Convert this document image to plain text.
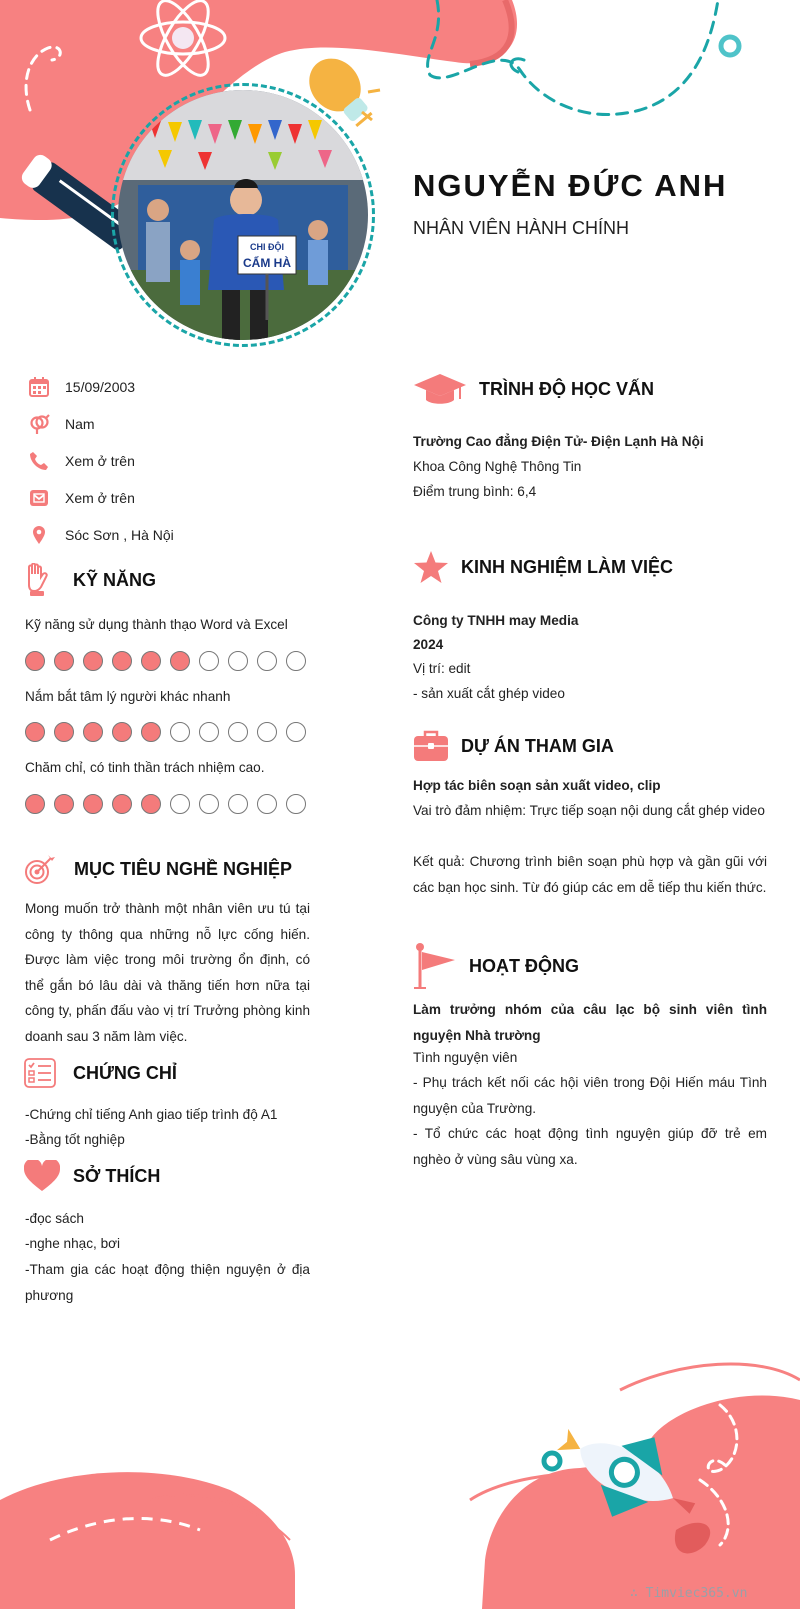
CHI ĐỘI
CẨM HÀ
NGUYỄN ĐỨC ANH
NHÂN VIÊN HÀNH CHÍNH
15/09/2003
Nam
Xem ở trên
Xem ở trên
Sóc Sơn , Hà Nội
KỸ NĂNG
Kỹ năng sử dụng thành thạo Word và Excel
Nắm bắt tâm lý người khác nhanh
Chăm chỉ, có tinh thần trách nhiệm cao.
MỤC TIÊU NGHỀ NGHIỆP
Mong muốn trở thành một nhân viên ưu tú tại công ty thông qua những nỗ lực cống hiến. Được làm việc trong môi trường ổn định, có thể gắn bó lâu dài và thăng tiến hơn nữa tại công ty, phấn đấu vào vị trí Trưởng phòng kinh doanh sau 3 năm làm việc.
CHỨNG CHỈ
-Chứng chỉ tiếng Anh giao tiếp trình độ A1
-Bằng tốt nghiệp
SỞ THÍCH
-đọc sách
-nghe nhạc, bơi
-Tham gia các hoạt động thiện nguyện ở địa phương
TRÌNH ĐỘ HỌC VẤN
Trường Cao đẳng Điện Tử- Điện Lạnh Hà Nội
Khoa Công Nghệ Thông Tin
Điểm trung bình: 6,4
KINH NGHIỆM LÀM VIỆC
Công ty TNHH may Media
2024
Vị trí: edit
- sản xuất cắt ghép video
DỰ ÁN THAM GIA
Hợp tác biên soạn sản xuất video, clip
Vai trò đảm nhiệm: Trực tiếp soạn nội dung cắt ghép video
Kết quả: Chương trình biên soạn phù hợp và gần gũi với các bạn học sinh. Từ đó giúp các em dễ tiếp thu kiến thức.
HOẠT ĐỘNG
Làm trưởng nhóm của câu lạc bộ sinh viên tình nguyện Nhà trường
Tình nguyện viên
- Phụ trách kết nối các hội viên trong Đội Hiến máu Tình nguyện của Trường.
- Tổ chức các hoạt động tình nguyện giúp đỡ trẻ em nghèo ở vùng sâu vùng xa.
∴ Timviec365.vn
